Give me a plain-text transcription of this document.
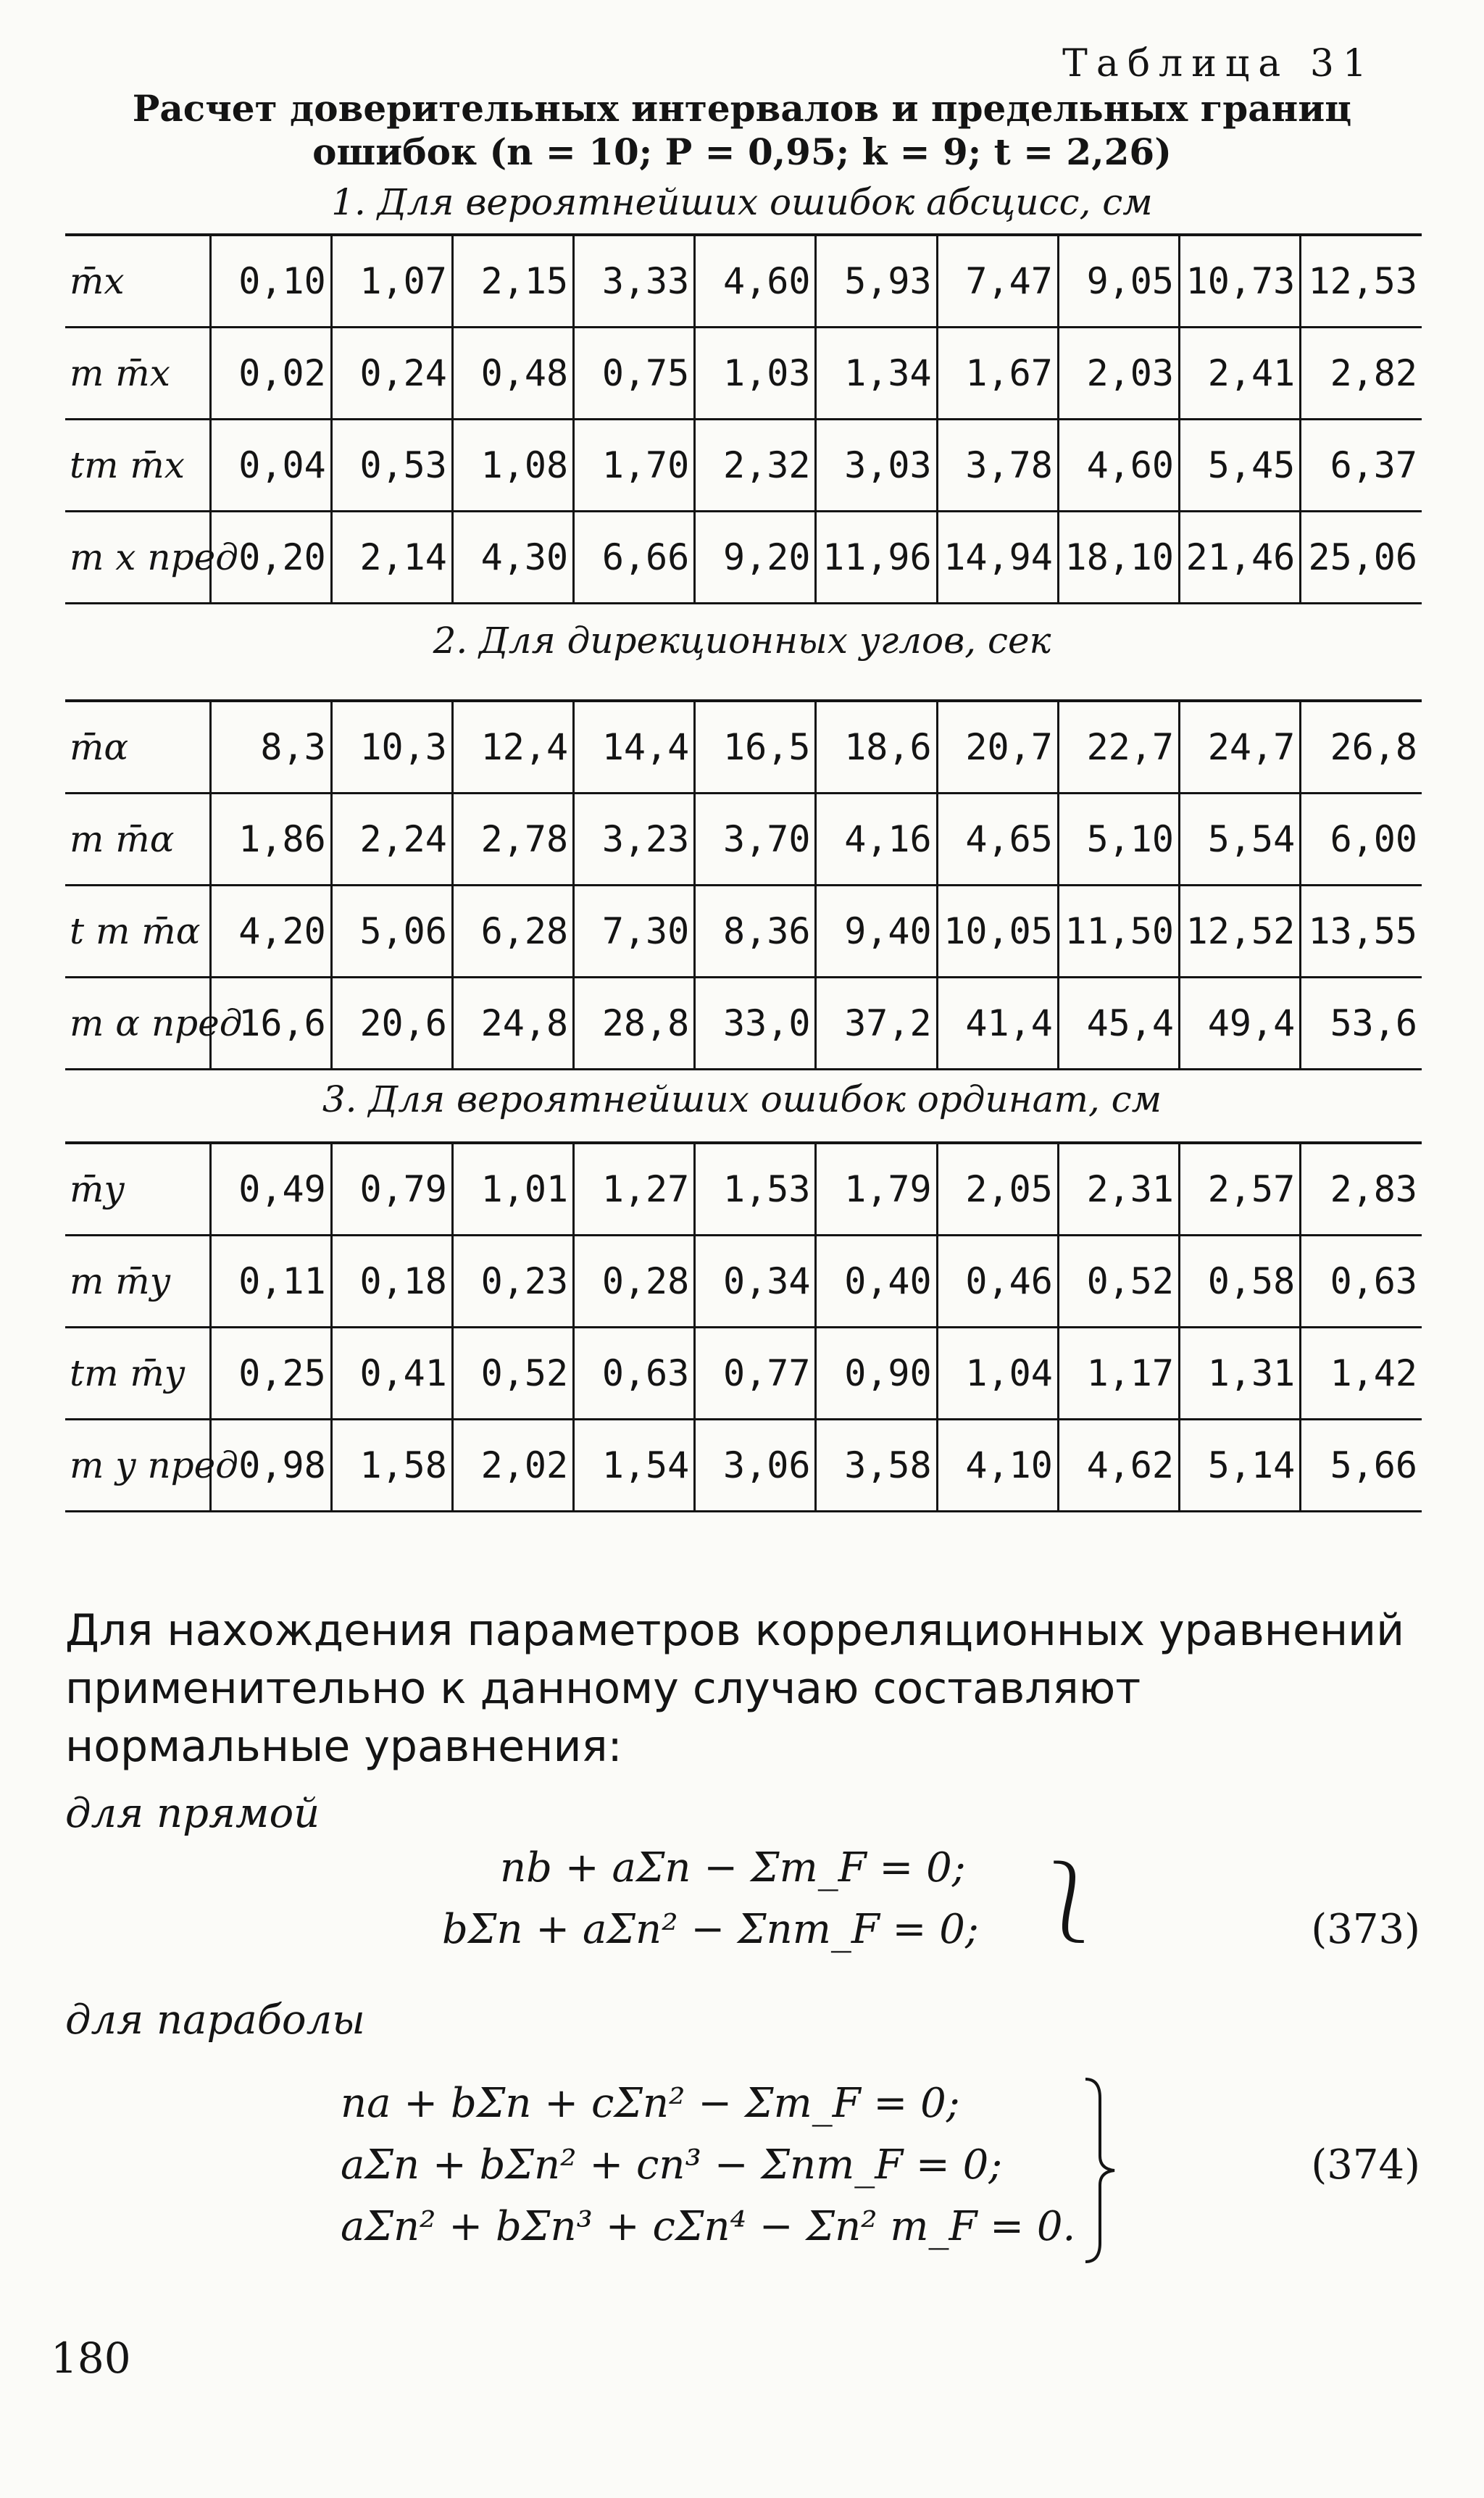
Таблица 31
Расчет доверительных интервалов и предельных границ
ошибок (n = 10; P = 0,95; k = 9; t = 2,26)
1. Для вероятнейших ошибок абсцисс, см
m̄x	0,10	1,07	2,15	3,33	4,60	5,93	7,47	9,05	10,73	12,53
m m̄x	0,02	0,24	0,48	0,75	1,03	1,34	1,67	2,03	2,41	2,82
tm m̄x	0,04	0,53	1,08	1,70	2,32	3,03	3,78	4,60	5,45	6,37
m x пред	0,20	2,14	4,30	6,66	9,20	11,96	14,94	18,10	21,46	25,06
2. Для дирекционных углов, сек
m̄α	8,3	10,3	12,4	14,4	16,5	18,6	20,7	22,7	24,7	26,8
m m̄α	1,86	2,24	2,78	3,23	3,70	4,16	4,65	5,10	5,54	6,00
t m m̄α	4,20	5,06	6,28	7,30	8,36	9,40	10,05	11,50	12,52	13,55
m α пред	16,6	20,6	24,8	28,8	33,0	37,2	41,4	45,4	49,4	53,6
3. Для вероятнейших ошибок ординат, см
m̄y	0,49	0,79	1,01	1,27	1,53	1,79	2,05	2,31	2,57	2,83
m m̄y	0,11	0,18	0,23	0,28	0,34	0,40	0,46	0,52	0,58	0,63
tm m̄y	0,25	0,41	0,52	0,63	0,77	0,90	1,04	1,17	1,31	1,42
m y пред	0,98	1,58	2,02	1,54	3,06	3,58	4,10	4,62	5,14	5,66
Для нахождения параметров корреляционных уравнений применительно к данному случаю составляют нормальные уравнения:
для прямой
nb + aΣn − Σm_F = 0;
bΣn + aΣn² − Σnm_F = 0; ⎱	(373)
для параболы
na + bΣn + cΣn² − Σm_F = 0;
aΣn + bΣn² + cn³ − Σnm_F = 0;
aΣn² + bΣn³ + cΣn⁴ − Σn² m_F = 0.
(374)
180
